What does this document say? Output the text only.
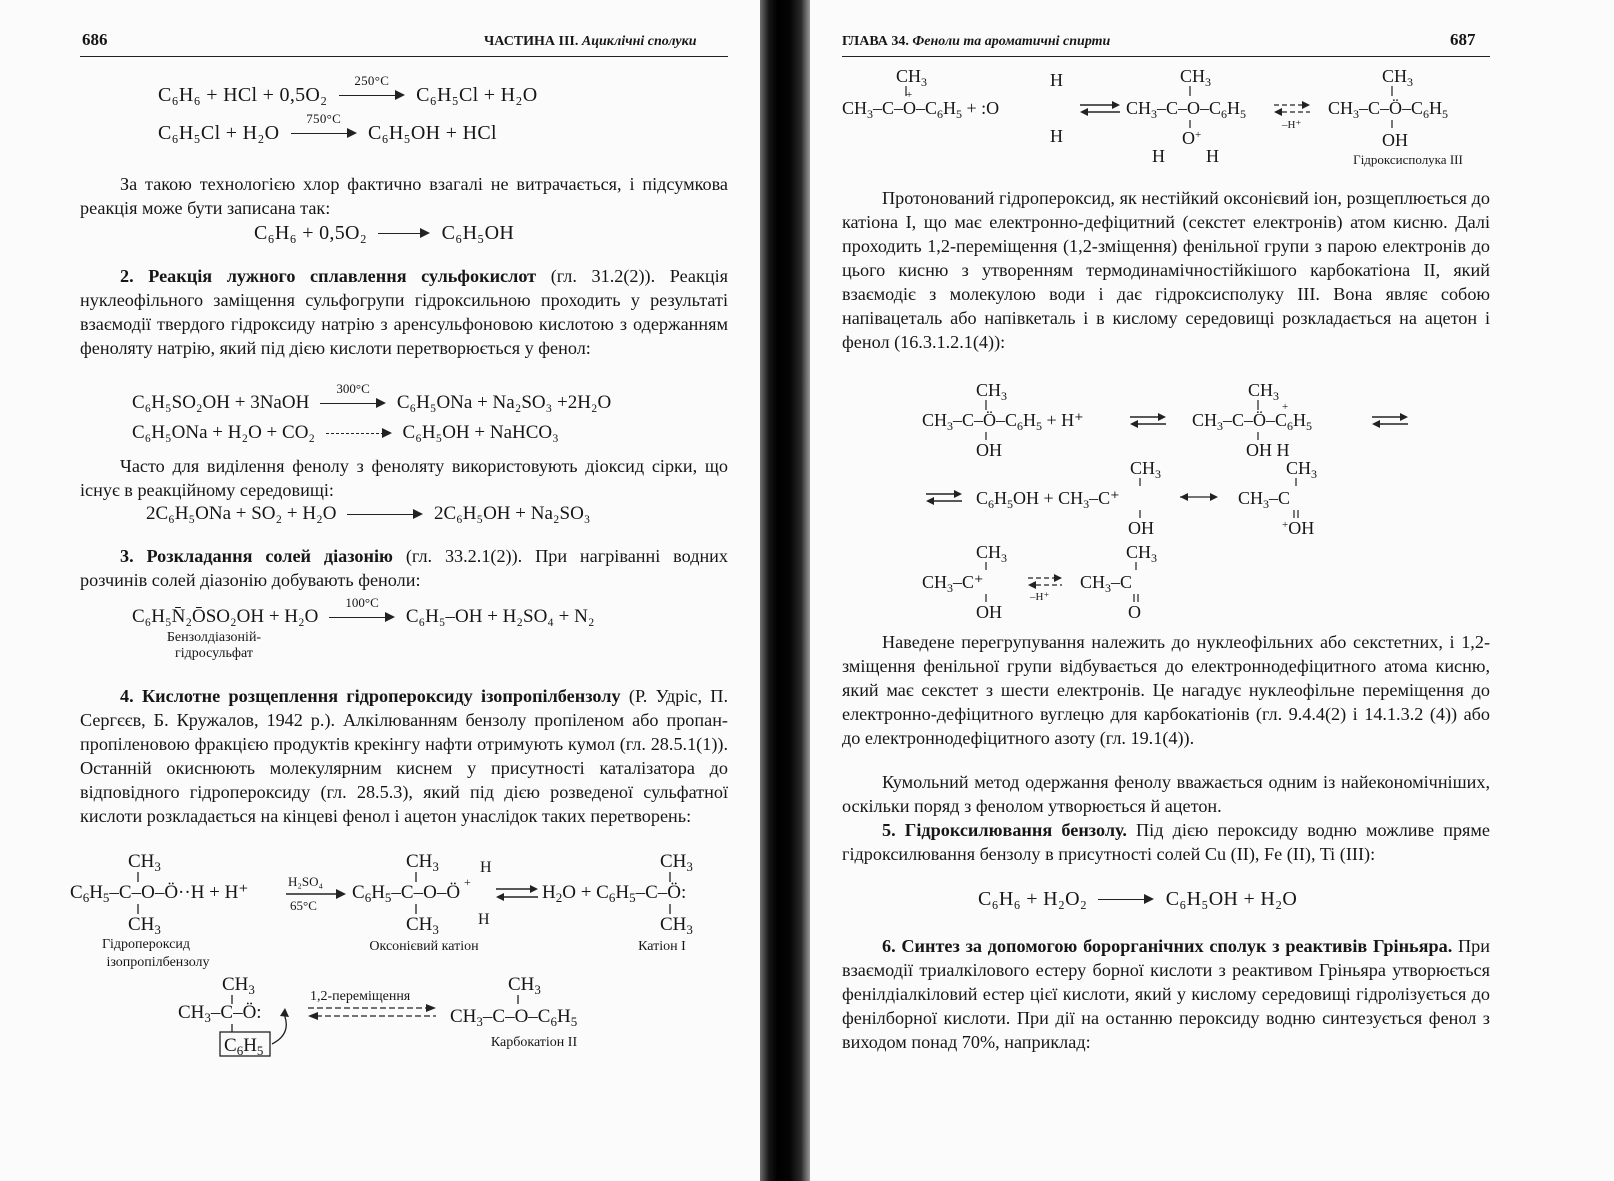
686	ЧАСТИНА III. Ациклічні сполуки
C₆H₆ + HCl + 0,5O₂
250°C
C₆H₅Cl + H₂O
C₆H₅Cl + H₂O
750°C
C₆H₅OH + HCl
За такою технологією хлор фактично взагалі не витрачається, і підсумкова реакція може бути записана так:
C₆H₆ + 0,5O₂	C₆H₅OH
2. Реакція лужного сплавлення сульфокислот (гл. 31.2(2)). Реакція нуклеофільного заміщення сульфогрупи гідроксильною проходить у результаті взаємодії твердого гідроксиду натрію з аренсульфоновою кислотою з одержанням феноляту натрію, який під дією кислоти перетворюється у фенол:
C₆H₅SO₂OH + 3NaOH
300°C
C₆H₅ONa + Na₂SO₃ +2H₂O
C₆H₅ONa + H₂O + CO₂	C₆H₅OH + NaHCO₃
Часто для виділення фенолу з феноляту використовують діоксид сірки, що існує в реакційному середовищі:
2C₆H₅ONa + SO₂ + H₂O	2C₆H₅OH + Na₂SO₃
3. Розкладання солей діазонію (гл. 33.2.1(2)). При нагріванні водних розчинів солей діазонію добувають феноли:
C₆H₅N̄₂ŌSO₂OH + H₂O
100°C
C₆H₅–OH + H₂SO₄ + N₂
Бензолдіазоній-
гідросульфат
4. Кислотне розщеплення гідропероксиду ізопропілбензолу (Р. Удріс, П. Сергєєв, Б. Кружалов, 1942 р.). Алкілюванням бензолу пропіленом або пропан-пропіленовою фракцією продуктів крекінгу нафти отримують кумол (гл. 28.5.1(1)). Останній окиснюють молекулярним киснем у присутності каталізатора до відповідного гідропероксиду (гл. 28.5.3), який під дією розведеної сульфатної кислоти розкладається на кінцеві фенол і ацетон унаслідок таких перетворень:
$CH_3$
$C_6H_5-C-O-Ö\cdot\cdot H + H^+$
$CH_3$
H₂SO₄
65°C
$CH_3$	H
+
$C_6H_5-C-O-Ö$
$CH_3$
H
$H_2O$ + $C_6H_5-C-Ö$:
$CH_3$
$CH_3$
Гідропероксид
ізопропілбензолу
Оксонієвий катіон	Катіон I
$CH_3$
$CH_3-C-Ö$:
$C_6H_5$
1,2-переміщення
$CH_3$
$CH_3-C-O-C_6H_5$
Карбокатіон II
ГЛАВА 34. Феноли та ароматичні спирти	687
$CH_3$
+
$CH_3-C-O-C_6H_5$ + :O
H
H
$CH_3$
$CH_3-C-O-C_6H_5$
O+
H H
–H⁺
$CH_3$
$CH_3-C-Ö-C_6H_5$
OH
Гідроксисполука III
Протонований гідропероксид, як нестійкий оксонієвий іон, розщеплюється до катіона I, що має електронно-дефіцитний (секстет електронів) атом кисню. Далі проходить 1,2-переміщення (1,2-зміщення) фенільної групи з парою електронів до цього кисню з утворенням термодинамічностійкішого карбокатіона II, який взаємодіє з молекулою води і дає гідроксисполуку III. Вона являє собою напівацеталь або напівкеталь і в кислому середовищі розкладається на ацетон і фенол (16.3.1.2.1(4)):
$CH_3$
$CH_3-C-Ö-C_6H_5 + H^+$
OH
$CH_3$
+
$CH_3-C-Ö-C_6H_5$
OH H
$CH_3$
$C_6H_5OH + CH_3-C^+$
OH
$CH_3$
$CH_3-C$
+OH
$CH_3$
$CH_3-C^+$
OH
–H⁺
$CH_3$
$CH_3-C$
O
Наведене перегрупування належить до нуклеофільних або секстетних, і 1,2-зміщення фенільної групи відбувається до електроннодефіцитного атома кисню, який має секстет з шести електронів. Це нагадує нуклеофільне переміщення до електронно-дефіцитного вуглецю для карбокатіонів (гл. 9.4.4(2) і 14.1.3.2 (4)) або до електроннодефіцитного азоту (гл. 19.1(4)).
Кумольний метод одержання фенолу вважається одним із найекономічніших, оскільки поряд з фенолом утворюється й ацетон.
5. Гідроксилювання бензолу. Під дією пероксиду водню можливе пряме гідроксилювання бензолу в присутності солей Cu (II), Fe (II), Ti (III):
C₆H₆ + H₂O₂	C₆H₅OH + H₂O
6. Синтез за допомогою борорганічних сполук з реактивів Гріньяра. При взаємодії триалкілового естеру борної кислоти з реактивом Гріньяра утворюється фенілдіалкіловий естер цієї кислоти, який у кислому середовищі гідролізується до фенілборної кислоти. При дії на останню пероксиду водню синтезується фенол з виходом понад 70%, наприклад:
